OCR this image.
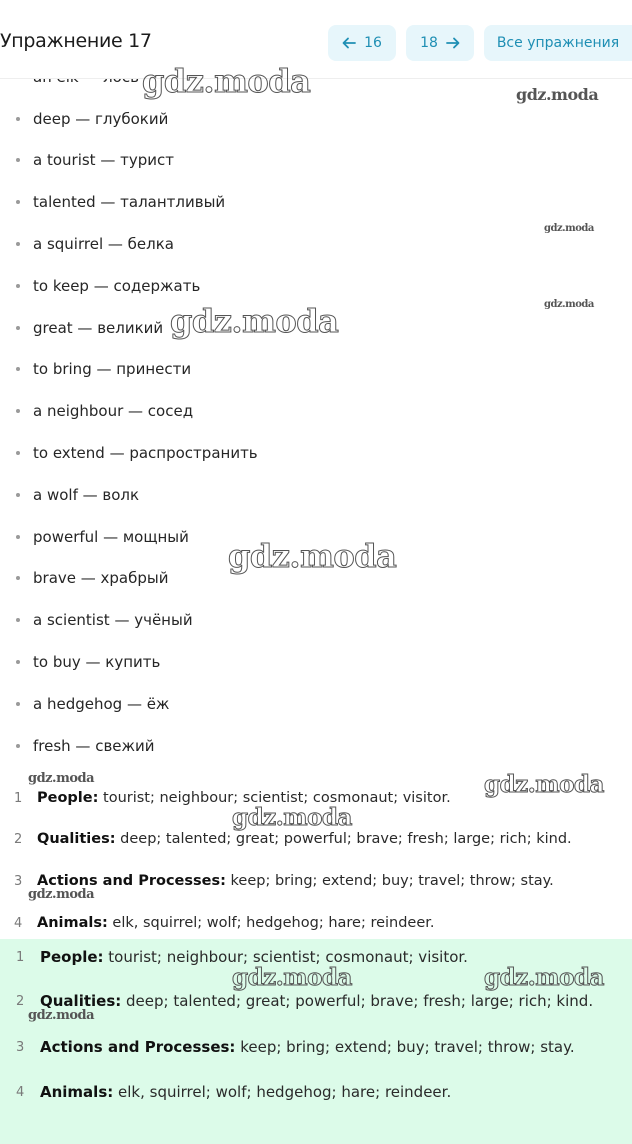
Упражнение 17	16	18	Все упражнения
deep — глубокий
a tourist — турист
talented — талантливый
a squirrel — белка
to keep — содержать
great — великий
to bring — принести
a neighbour — сосед
to extend — распространить
a wolf — волк
powerful — мощный
brave — храбрый
a scientist — учёный
to buy — купить
a hedgehog — ёж
fresh — свежий
1 People: tourist; neighbour; scientist; cosmonaut; visitor.
2 Qualities: deep; talented; great; powerful; brave; fresh; large; rich; kind.
3 Actions and Processes: keep; bring; extend; buy; travel; throw; stay.
4 Animals: elk, squirrel; wolf; hedgehog; hare; reindeer.
1 People: tourist; neighbour; scientist; cosmonaut; visitor.
2 Qualities: deep; talented; great; powerful; brave; fresh; large; rich; kind.
3 Actions and Processes: keep; bring; extend; buy; travel; throw; stay.
4 Animals: elk, squirrel; wolf; hedgehog; hare; reindeer.
gdz.moda	gdz.moda
gdz.moda
gdz.moda
gdz.moda
gdz.moda
gdz.moda	gdz.moda
gdz.moda
gdz.moda
gdz.moda
